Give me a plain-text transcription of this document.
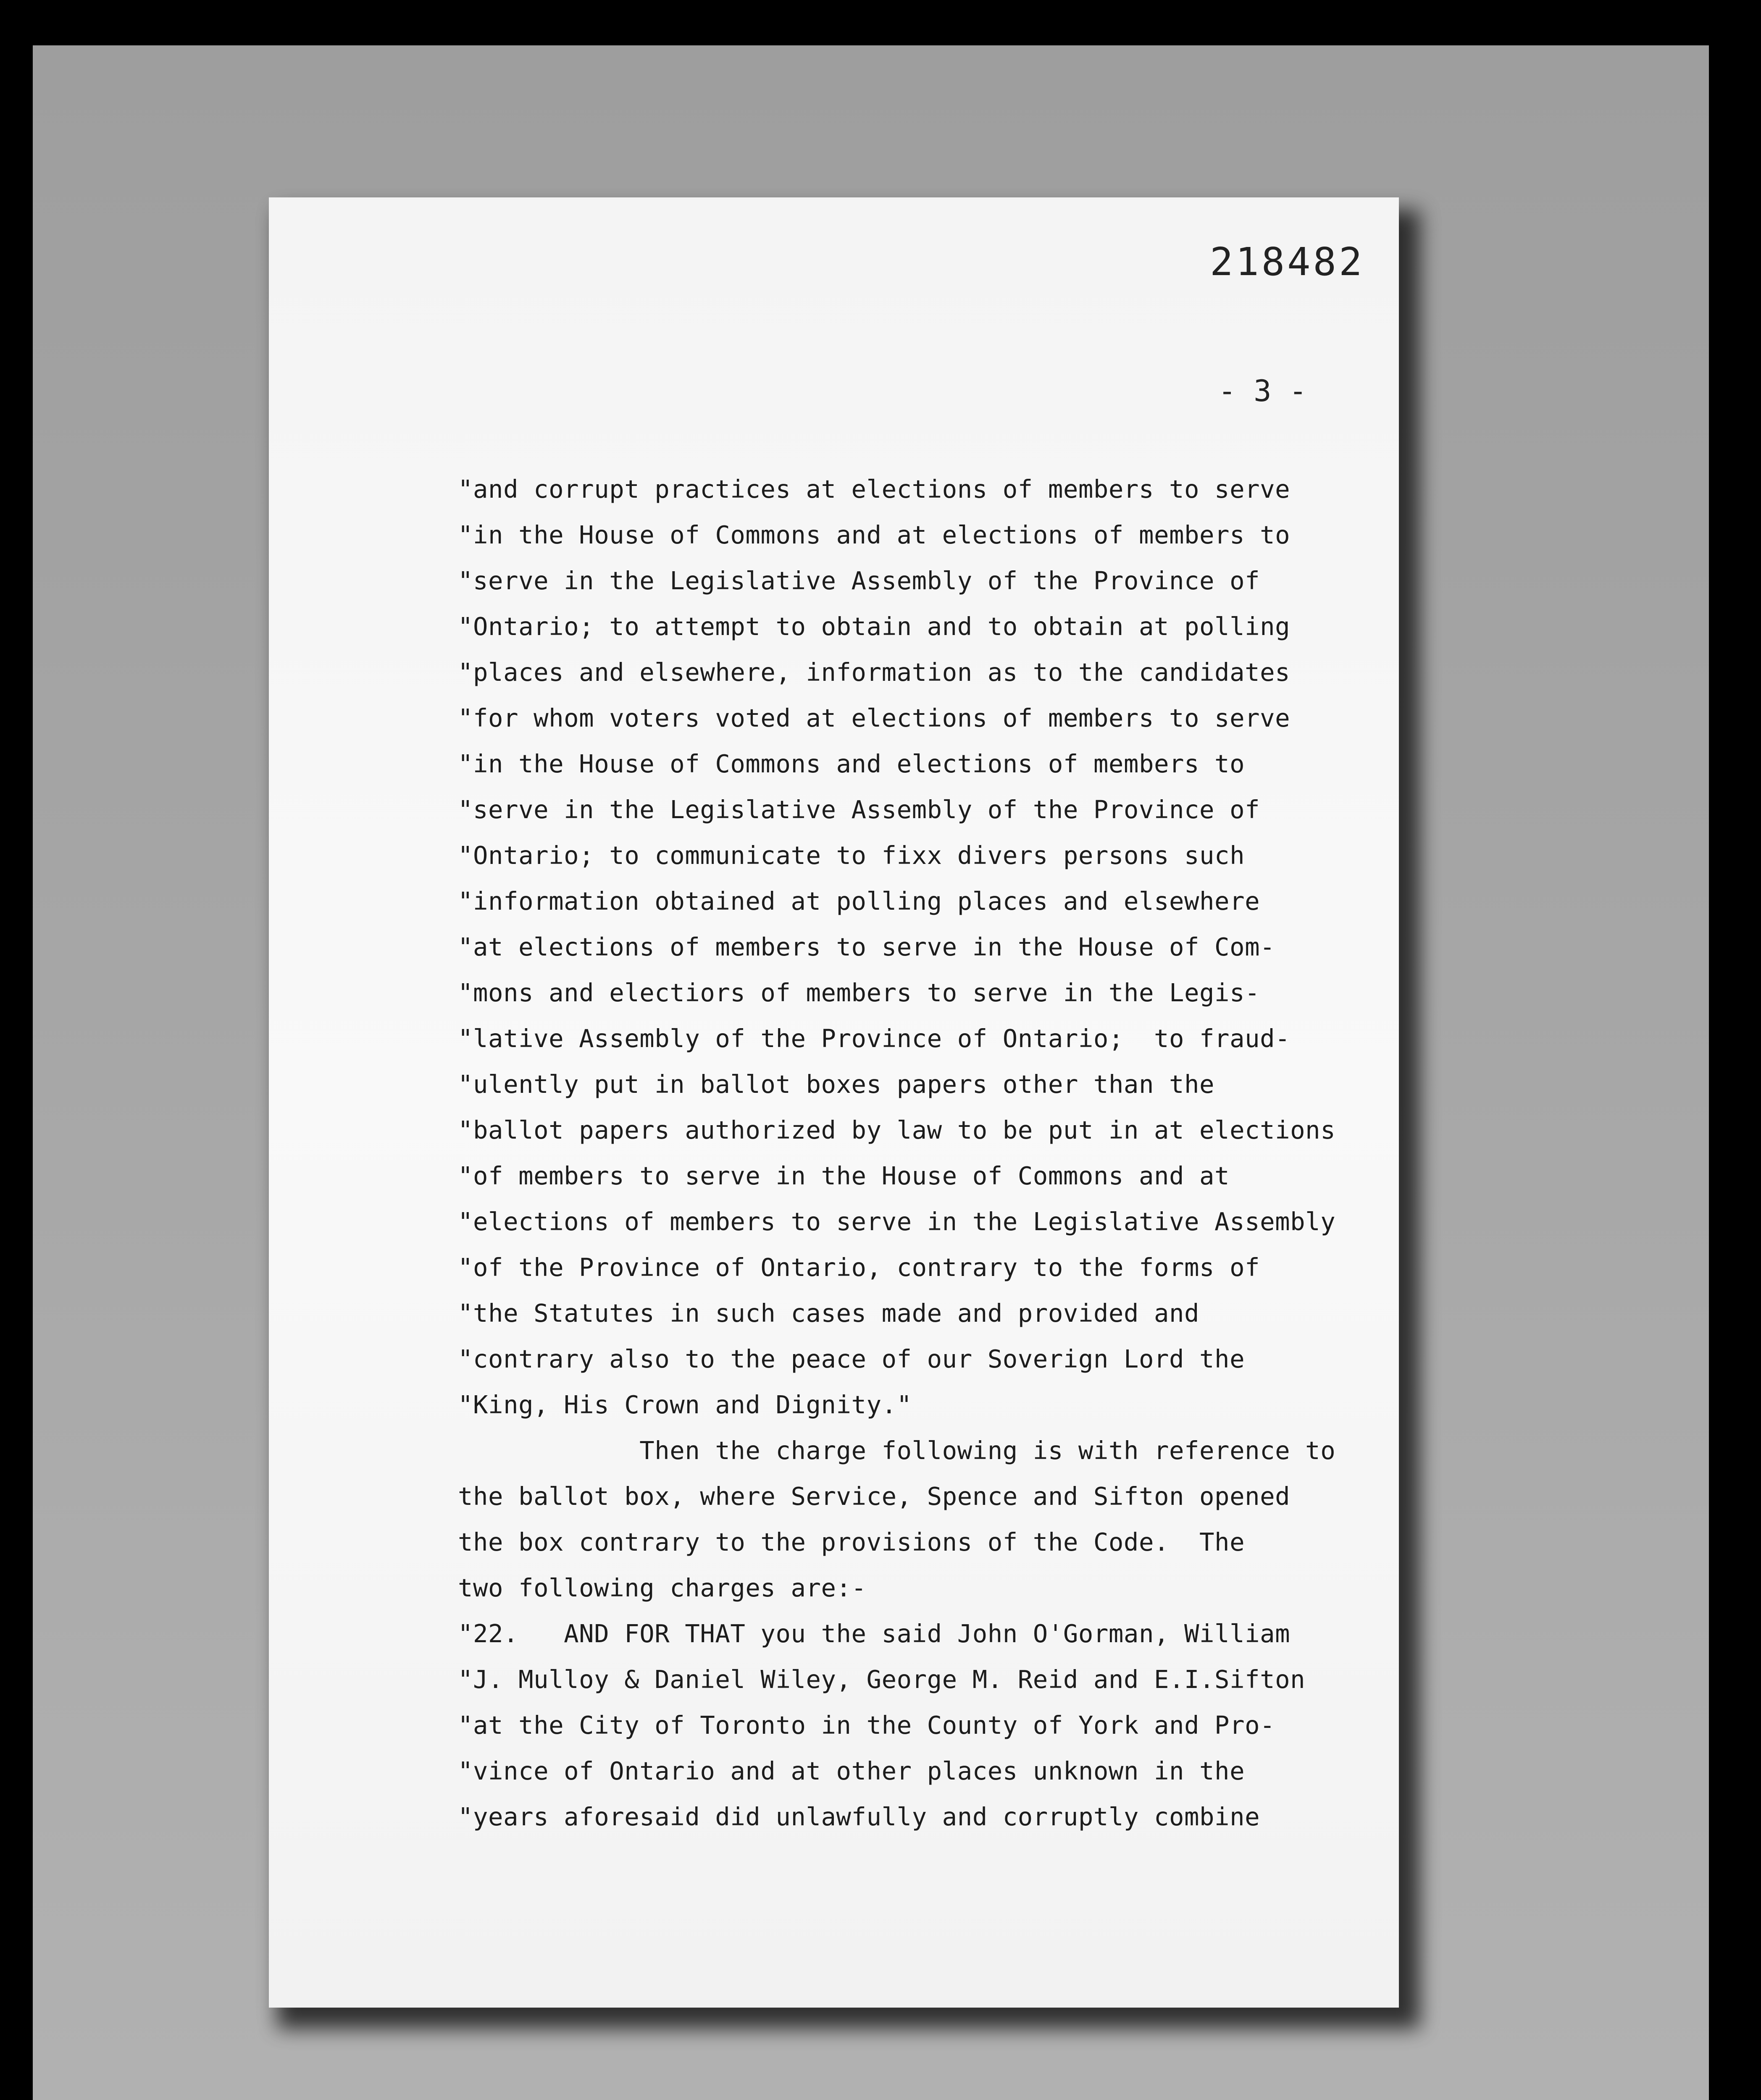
218482
- 3 -
"and corrupt practices at elections of members to serve
"in the House of Commons and at elections of members to
"serve in the Legislative Assembly of the Province of
"Ontario; to attempt to obtain and to obtain at polling
"places and elsewhere, information as to the candidates
"for whom voters voted at elections of members to serve
"in the House of Commons and elections of members to
"serve in the Legislative Assembly of the Province of
"Ontario; to communicate to fixx divers persons such
"information obtained at polling places and elsewhere
"at elections of members to serve in the House of Com-
"mons and electiors of members to serve in the Legis-
"lative Assembly of the Province of Ontario;  to fraud-
"ulently put in ballot boxes papers other than the
"ballot papers authorized by law to be put in at elections
"of members to serve in the House of Commons and at
"elections of members to serve in the Legislative Assembly
"of the Province of Ontario, contrary to the forms of
"the Statutes in such cases made and provided and
"contrary also to the peace of our Soverign Lord the
"King, His Crown and Dignity."
Then the charge following is with reference to
the ballot box, where Service, Spence and Sifton opened
the box contrary to the provisions of the Code.  The
two following charges are:-
"22.   AND FOR THAT you the said John O'Gorman, William
"J. Mulloy & Daniel Wiley, George M. Reid and E.I.Sifton
"at the City of Toronto in the County of York and Pro-
"vince of Ontario and at other places unknown in the
"years aforesaid did unlawfully and corruptly combine
